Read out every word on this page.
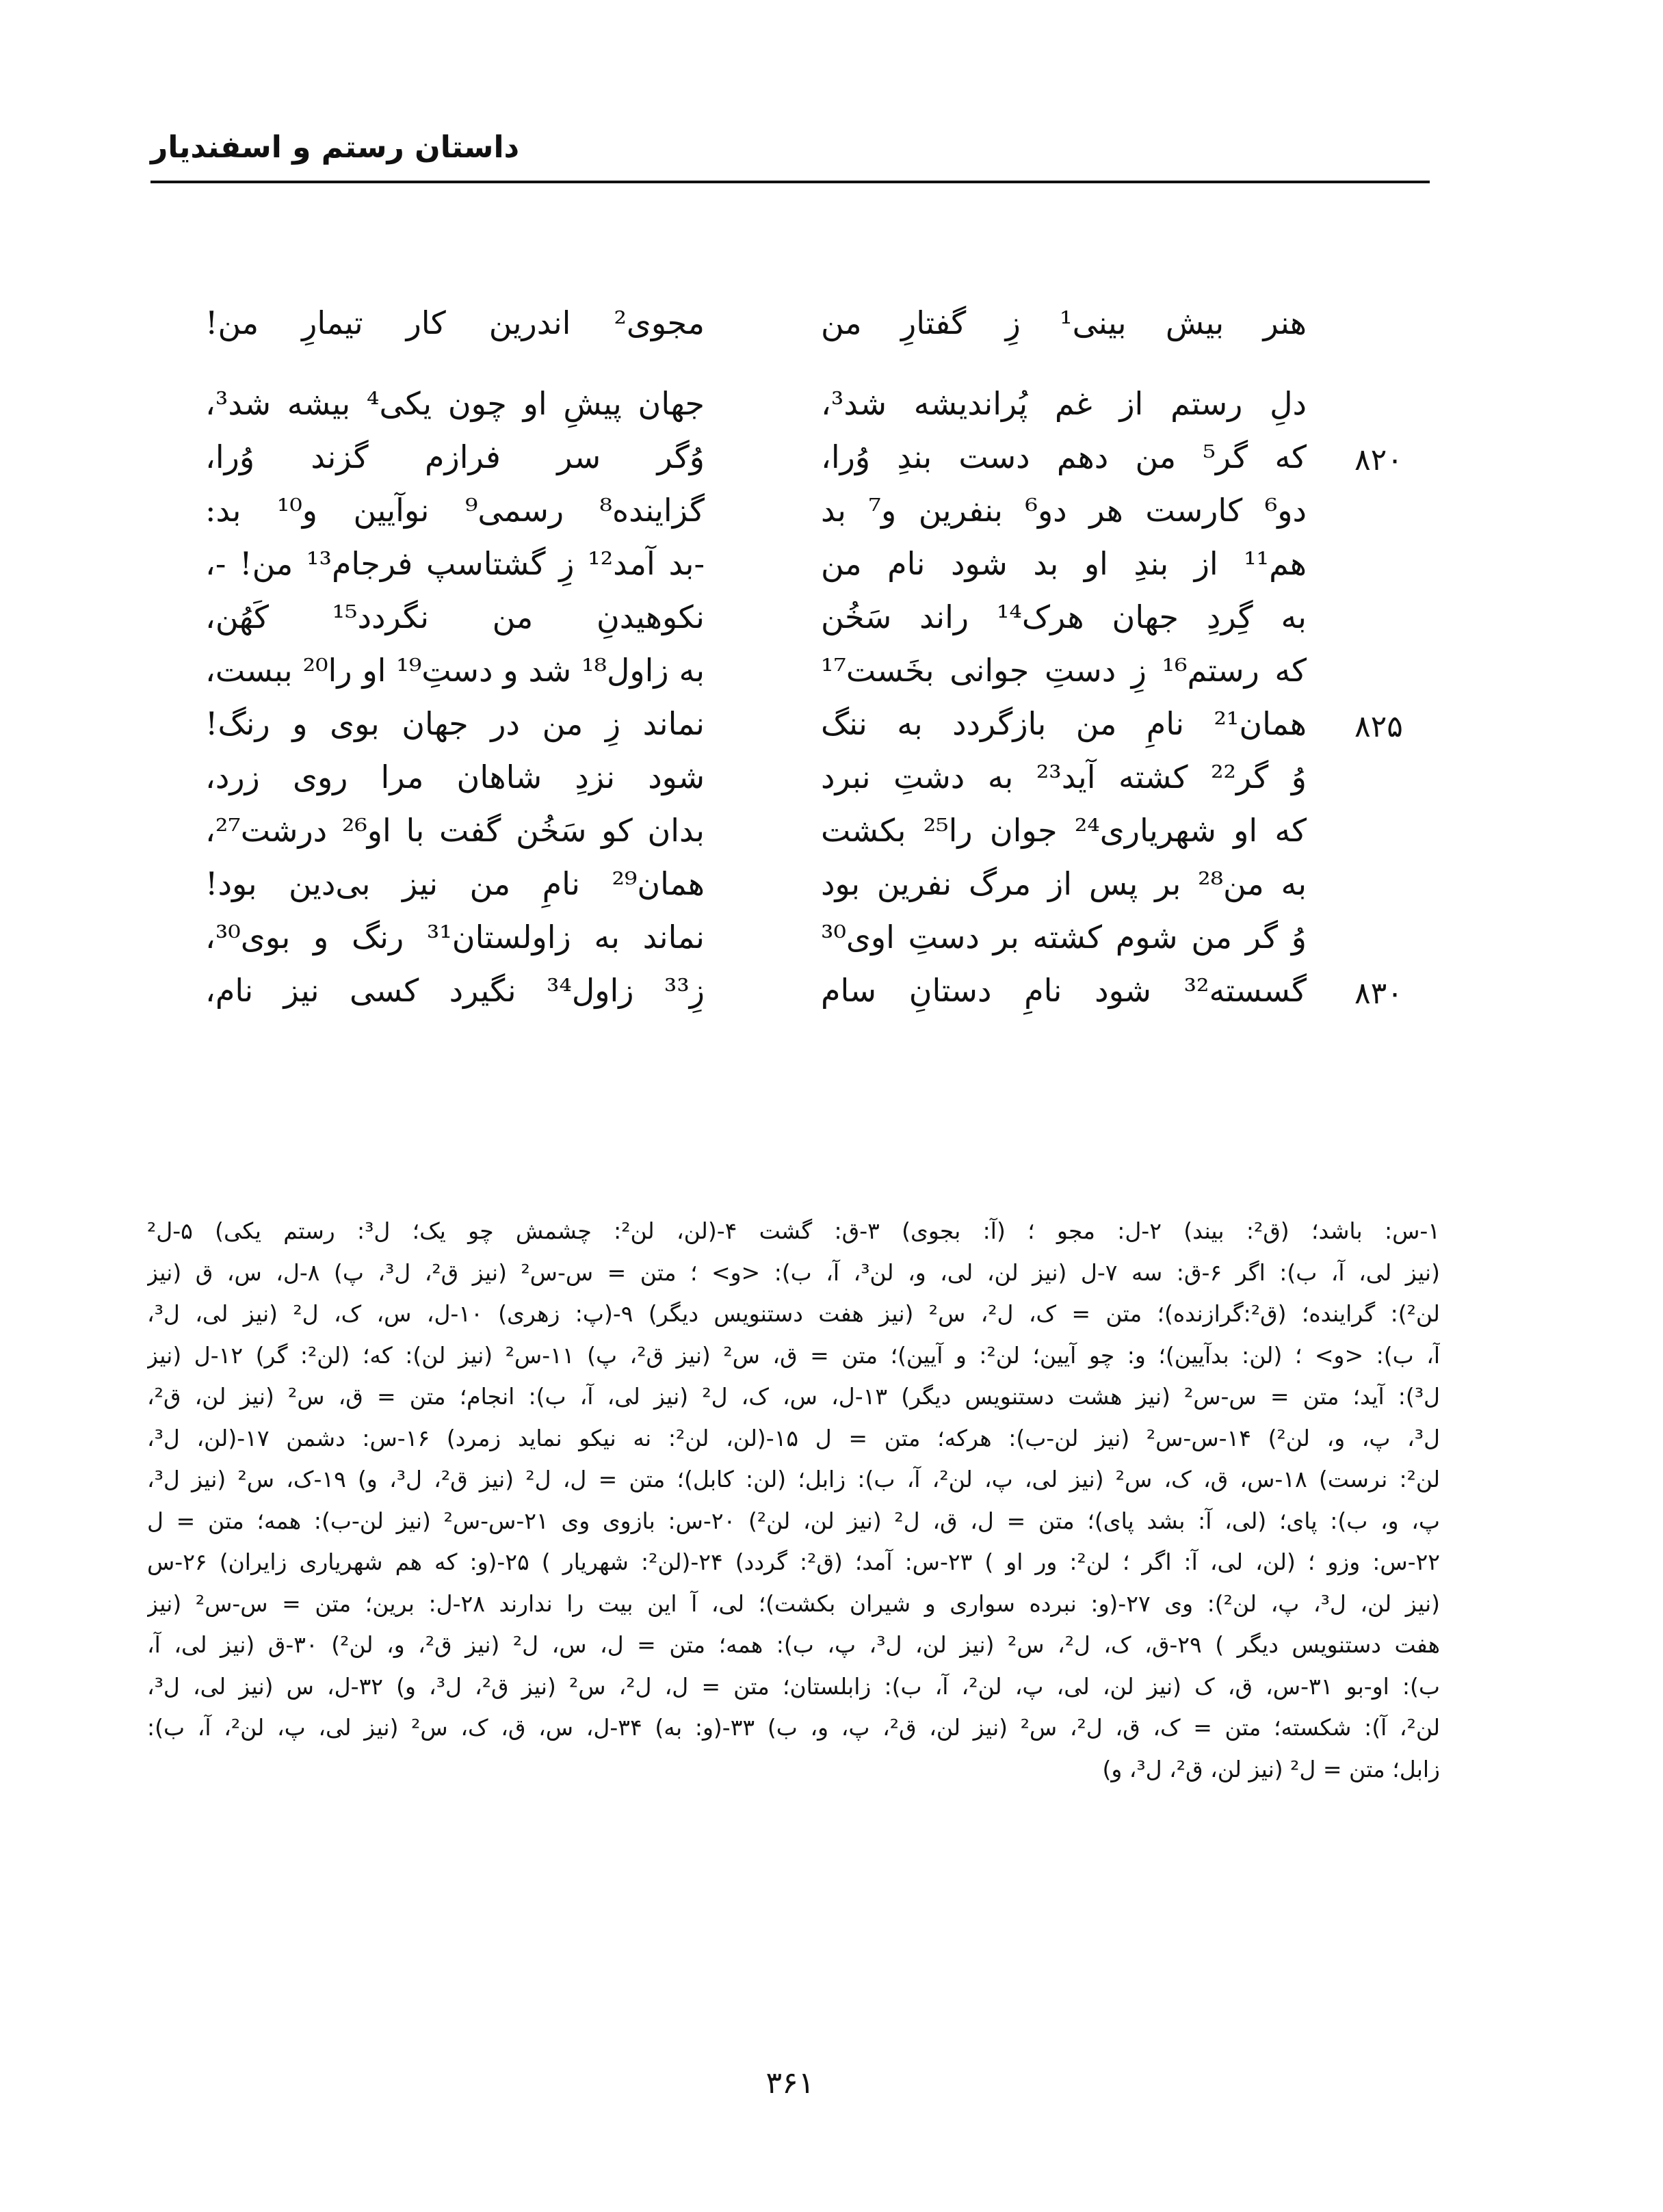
داستان رستم و اسفندیار
هنر بیش بینی¹ زِ گفتارِ من
مجوی² اندرین کار تیمارِ من!
دلِ رستم از غم پُراندیشه شد³،
جهان پیشِ او چون یکی⁴ بیشه شد³،
۸۲۰
که گر⁵ من دهم دست بندِ وُرا،
وُگر سر فرازم گزند وُرا،
دو⁶ کارست هر دو⁶ بنفرین و⁷ بد
گزاینده⁸ رسمی⁹ نوآیین و¹⁰ بد:
هم¹¹ از بندِ او بد شود نام من
-بد آمد¹² زِ گشتاسپ فرجام¹³ من! -،
به گِردِ جهان هرک¹⁴ راند سَخُن
نکوهیدنِ من نگردد¹⁵ کَهُن،
که رستم¹⁶ زِ دستِ جوانی بخَست¹⁷
به زاول¹⁸ شد و دستِ¹⁹ او را²⁰ ببست،
۸۲۵
همان²¹ نامِ من بازگردد به ننگ
نماند زِ من در جهان بوی و رنگ!
وُ گر²² کشته آید²³ به دشتِ نبرد
شود نزدِ شاهان مرا روی زرد،
که او شهریاری²⁴ جوان را²⁵ بکشت
بدان کو سَخُن گفت با او²⁶ درشت²⁷،
به من²⁸ بر پس از مرگ نفرین بود
همان²⁹ نامِ من نیز بی‌دین بود!
وُ گر من شوم کشته بر دستِ اوی³⁰
نماند به زاولستان³¹ رنگ و بوی³⁰،
۸۳۰
گسسته³² شود نامِ دستانِ سام
زِ³³ زاول³⁴ نگیرد کسی نیز نام،
۱-س: باشد؛ (ق²: بیند) ۲-ل: مجو ؛ (آ: بجوی) ۳-ق: گشت ۴-(لن، لن²: چشمش چو یک؛ ل³: رستم یکی) ۵-ل²
(نیز لی، آ، ب): اگر ۶-ق: سه ۷-ل (نیز لن، لی، و، لن³، آ، ب): <و> ؛ متن = س-س² (نیز ق²، ل³، پ) ۸-ل، س، ق (نیز
لن²): گراینده؛ (ق²:گرازنده)؛ متن = ک، ل²، س² (نیز هفت دستنویس دیگر) ۹-(پ: زهری) ۱۰-ل، س، ک، ل² (نیز لی، ل³،
آ، ب): <و> ؛ (لن: بدآیین)؛ و: چو آیین؛ لن²: و آیین)؛ متن = ق، س² (نیز ق²، پ) ۱۱-س² (نیز لن): که؛ (لن²: گر) ۱۲-ل (نیز
ل³): آید؛ متن = س-س² (نیز هشت دستنویس دیگر) ۱۳-ل، س، ک، ل² (نیز لی، آ، ب): انجام؛ متن = ق، س² (نیز لن، ق²،
ل³، پ، و، لن²) ۱۴-س-س² (نیز لن-ب): هرکه؛ متن = ل ۱۵-(لن، لن²: نه نیکو نماید زمرد) ۱۶-س: دشمن ۱۷-(لن، ل³،
لن²: نرست) ۱۸-س، ق، ک، س² (نیز لی، پ، لن²، آ، ب): زابل؛ (لن: کابل)؛ متن = ل، ل² (نیز ق²، ل³، و) ۱۹-ک، س² (نیز ل³،
پ، و، ب): پای؛ (لی، آ: بشد پای)؛ متن = ل، ق، ل² (نیز لن، لن²) ۲۰-س: بازوی وی ۲۱-س-س² (نیز لن-ب): همه؛ متن = ل
۲۲-س: وزو ؛ (لن، لی، آ: اگر ؛ لن²: ور او ) ۲۳-س: آمد؛ (ق²: گردد) ۲۴-(لن²: شهریار ) ۲۵-(و: که هم شهریاری زایران) ۲۶-س
(نیز لن، ل³، پ، لن²): وی ۲۷-(و: نبرده سواری و شیران بکشت)؛ لی، آ این بیت را ندارند ۲۸-ل: برین؛ متن = س-س² (نیز
هفت دستنویس دیگر ) ۲۹-ق، ک، ل²، س² (نیز لن، ل³، پ، ب): همه؛ متن = ل، س، ل² (نیز ق²، و، لن²) ۳۰-ق (نیز لی، آ،
ب): او-بو ۳۱-س، ق، ک (نیز لن، لی، پ، لن²، آ، ب): زابلستان؛ متن = ل، ل²، س² (نیز ق²، ل³، و) ۳۲-ل، س (نیز لی، ل³،
لن²، آ): شکسته؛ متن = ک، ق، ل²، س² (نیز لن، ق²، پ، و، ب) ۳۳-(و: به) ۳۴-ل، س، ق، ک، س² (نیز لی، پ، لن²، آ، ب):
زابل؛ متن = ل² (نیز لن، ق²، ل³، و)
۳۶۱
